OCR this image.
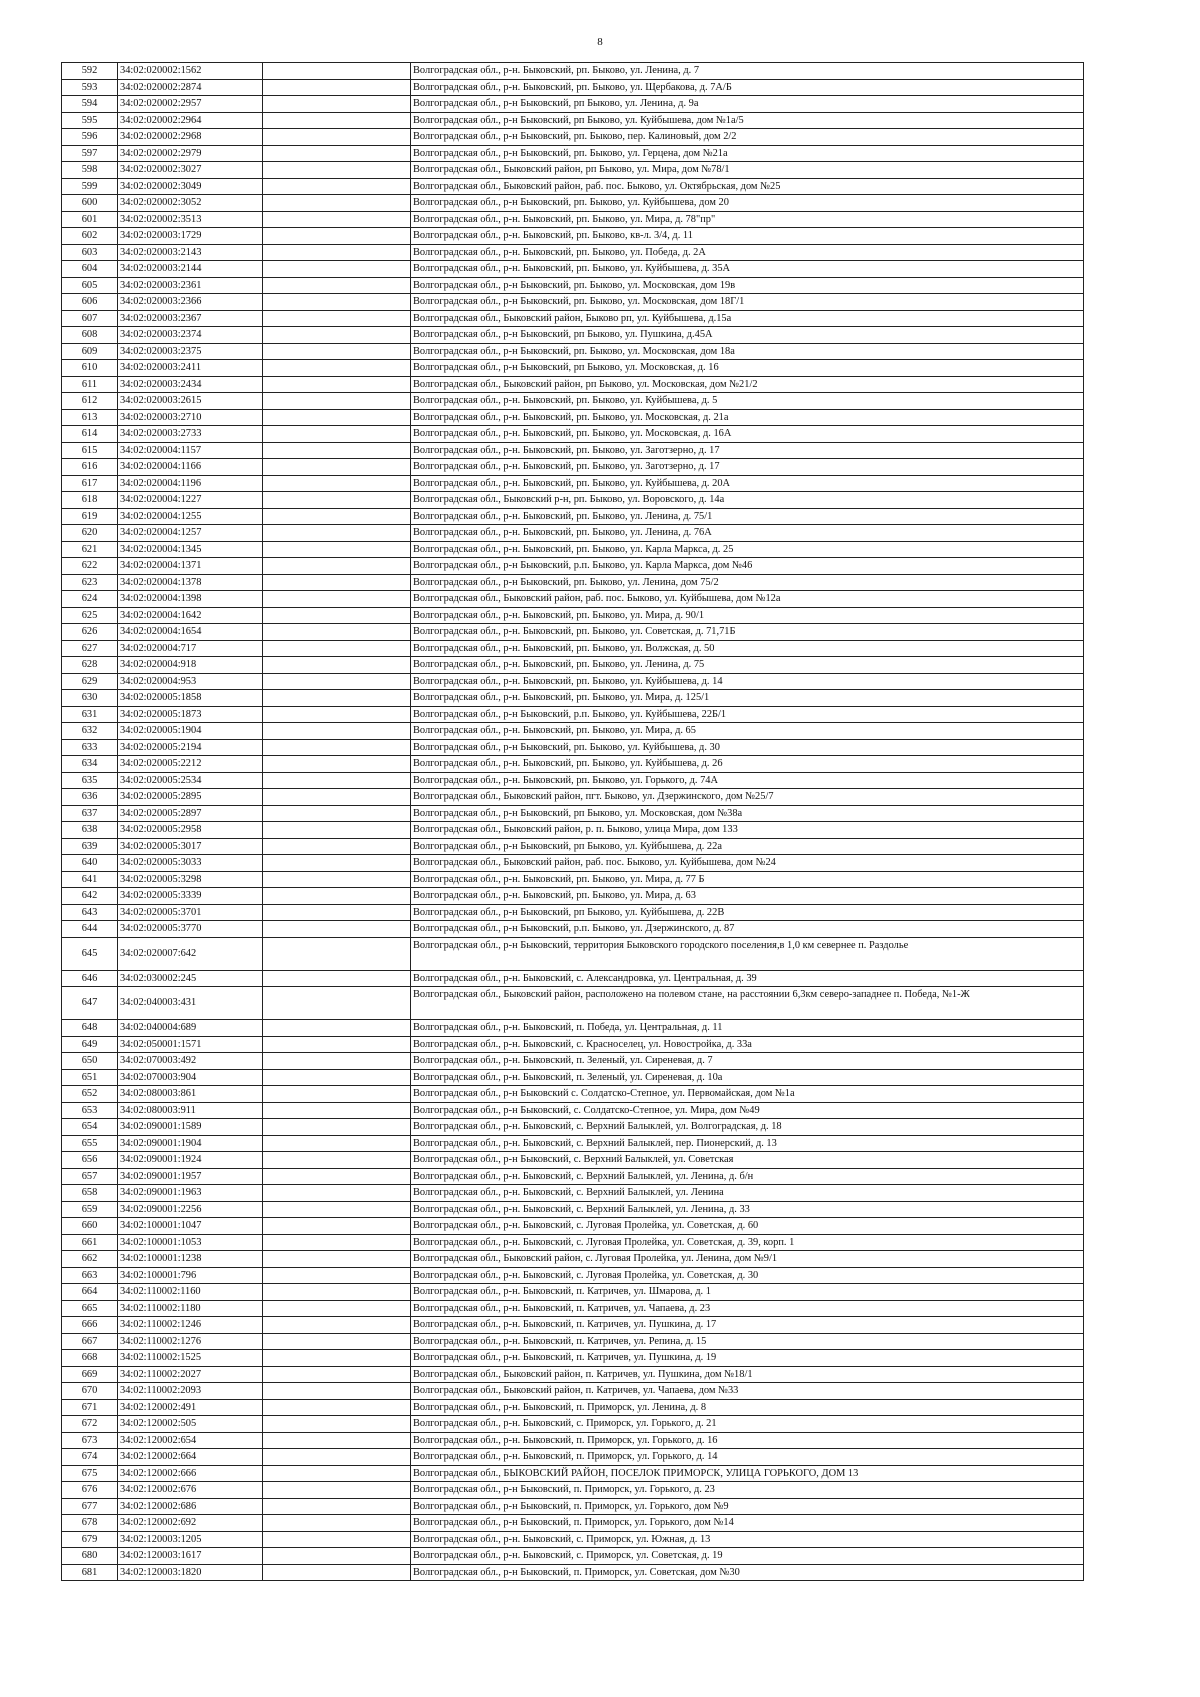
8
592	34:02:020002:1562		Волгоградская обл., р-н. Быковский, рп. Быково, ул. Ленина, д. 7
593	34:02:020002:2874		Волгоградская обл., р-н. Быковский, рп. Быково, ул. Щербакова, д. 7А/Б
594	34:02:020002:2957		Волгоградская обл., р-н Быковский, рп Быково, ул. Ленина, д. 9а
595	34:02:020002:2964		Волгоградская обл., р-н Быковский, рп Быково, ул. Куйбышева, дом №1а/5
596	34:02:020002:2968		Волгоградская обл., р-н Быковский, рп. Быково, пер. Калиновый, дом 2/2
597	34:02:020002:2979		Волгоградская обл., р-н Быковский, рп. Быково, ул. Герцена, дом №21а
598	34:02:020002:3027		Волгоградская обл., Быковский район, рп Быково, ул. Мира, дом №78/1
599	34:02:020002:3049		Волгоградская обл., Быковский район, раб. пос. Быково, ул. Октябрьская, дом №25
600	34:02:020002:3052		Волгоградская обл., р-н Быковский, рп. Быково, ул. Куйбышева, дом 20
601	34:02:020002:3513		Волгоградская обл., р-н. Быковский, рп. Быково, ул. Мира, д. 78"пр"
602	34:02:020003:1729		Волгоградская обл., р-н. Быковский, рп. Быково, кв-л. 3/4, д. 11
603	34:02:020003:2143		Волгоградская обл., р-н. Быковский, рп. Быково, ул. Победа, д. 2А
604	34:02:020003:2144		Волгоградская обл., р-н. Быковский, рп. Быково, ул. Куйбышева, д. 35А
605	34:02:020003:2361		Волгоградская обл., р-н Быковский, рп. Быково, ул. Московская, дом 19в
606	34:02:020003:2366		Волгоградская обл., р-н Быковский, рп. Быково, ул. Московская, дом 18Г/1
607	34:02:020003:2367		Волгоградская обл., Быковский район, Быково рп, ул. Куйбышева, д.15а
608	34:02:020003:2374		Волгоградская обл., р-н Быковский, рп Быково, ул. Пушкина, д.45А
609	34:02:020003:2375		Волгоградская обл., р-н Быковский, рп. Быково, ул. Московская, дом 18а
610	34:02:020003:2411		Волгоградская обл., р-н Быковский, рп Быково, ул. Московская, д. 16
611	34:02:020003:2434		Волгоградская обл., Быковский район, рп Быково, ул. Московская, дом №21/2
612	34:02:020003:2615		Волгоградская обл., р-н. Быковский, рп. Быково, ул. Куйбышева, д. 5
613	34:02:020003:2710		Волгоградская обл., р-н. Быковский, рп. Быково, ул. Московская, д. 21а
614	34:02:020003:2733		Волгоградская обл., р-н. Быковский, рп. Быково, ул. Московская, д. 16А
615	34:02:020004:1157		Волгоградская обл., р-н. Быковский, рп. Быково, ул. Заготзерно, д. 17
616	34:02:020004:1166		Волгоградская обл., р-н. Быковский, рп. Быково, ул. Заготзерно, д. 17
617	34:02:020004:1196		Волгоградская обл., р-н. Быковский, рп. Быково, ул. Куйбышева, д. 20А
618	34:02:020004:1227		Волгоградская обл., Быковский р-н, рп. Быково, ул. Воровского, д. 14а
619	34:02:020004:1255		Волгоградская обл., р-н. Быковский, рп. Быково, ул. Ленина, д. 75/1
620	34:02:020004:1257		Волгоградская обл., р-н. Быковский, рп. Быково, ул. Ленина, д. 76А
621	34:02:020004:1345		Волгоградская обл., р-н. Быковский, рп. Быково, ул. Карла Маркса, д. 25
622	34:02:020004:1371		Волгоградская обл., р-н Быковский, р.п. Быково, ул. Карла Маркса, дом №46
623	34:02:020004:1378		Волгоградская обл., р-н Быковский, рп. Быково, ул. Ленина, дом 75/2
624	34:02:020004:1398		Волгоградская обл., Быковский район, раб. пос. Быково, ул. Куйбышева, дом №12а
625	34:02:020004:1642		Волгоградская обл., р-н. Быковский, рп. Быково, ул. Мира, д. 90/1
626	34:02:020004:1654		Волгоградская обл., р-н. Быковский, рп. Быково, ул. Советская, д. 71,71Б
627	34:02:020004:717		Волгоградская обл., р-н. Быковский, рп. Быково, ул. Волжская, д. 50
628	34:02:020004:918		Волгоградская обл., р-н. Быковский, рп. Быково, ул. Ленина, д. 75
629	34:02:020004:953		Волгоградская обл., р-н. Быковский, рп. Быково, ул. Куйбышева, д. 14
630	34:02:020005:1858		Волгоградская обл., р-н. Быковский, рп. Быково, ул. Мира, д. 125/1
631	34:02:020005:1873		Волгоградская обл., р-н Быковский, р.п. Быково, ул. Куйбышева, 22Б/1
632	34:02:020005:1904		Волгоградская обл., р-н. Быковский, рп. Быково, ул. Мира, д. 65
633	34:02:020005:2194		Волгоградская обл., р-н Быковский, рп. Быково, ул. Куйбышева, д. 30
634	34:02:020005:2212		Волгоградская обл., р-н. Быковский, рп. Быково, ул. Куйбышева, д. 26
635	34:02:020005:2534		Волгоградская обл., р-н. Быковский, рп. Быково, ул. Горького, д. 74А
636	34:02:020005:2895		Волгоградская обл., Быковский район, пгт. Быково, ул. Дзержинского, дом №25/7
637	34:02:020005:2897		Волгоградская обл., р-н Быковский, рп Быково, ул. Московская, дом №38а
638	34:02:020005:2958		Волгоградская обл., Быковский район, р. п. Быково, улица Мира, дом 133
639	34:02:020005:3017		Волгоградская обл., р-н Быковский, рп Быково, ул. Куйбышева, д. 22а
640	34:02:020005:3033		Волгоградская обл., Быковский район, раб. пос. Быково, ул. Куйбышева, дом №24
641	34:02:020005:3298		Волгоградская обл., р-н. Быковский, рп. Быково, ул. Мира, д. 77 Б
642	34:02:020005:3339		Волгоградская обл., р-н. Быковский, рп. Быково, ул. Мира, д. 63
643	34:02:020005:3701		Волгоградская обл., р-н Быковский, рп Быково, ул. Куйбышева, д. 22В
644	34:02:020005:3770		Волгоградская обл., р-н Быковский, р.п. Быково, ул. Дзержинского, д. 87
645	34:02:020007:642		Волгоградская обл., р-н Быковский, территория Быковского городского поселения,в 1,0 км севернее п. Раздолье
646	34:02:030002:245		Волгоградская обл., р-н. Быковский, с. Александровка, ул. Центральная, д. 39
647	34:02:040003:431		Волгоградская обл., Быковский район, расположено на полевом стане, на расстоянии 6,3км северо-западнее п. Победа, №1-Ж
648	34:02:040004:689		Волгоградская обл., р-н. Быковский, п. Победа, ул. Центральная, д. 11
649	34:02:050001:1571		Волгоградская обл., р-н. Быковский, с. Красноселец, ул. Новостройка, д. 33а
650	34:02:070003:492		Волгоградская обл., р-н. Быковский, п. Зеленый, ул. Сиреневая, д. 7
651	34:02:070003:904		Волгоградская обл., р-н. Быковский, п. Зеленый, ул. Сиреневая, д. 10а
652	34:02:080003:861		Волгоградская обл., р-н Быковский с. Солдатско-Степное, ул. Первомайская, дом №1а
653	34:02:080003:911		Волгоградская обл., р-н Быковский, с. Солдатско-Степное, ул. Мира, дом №49
654	34:02:090001:1589		Волгоградская обл., р-н. Быковский, с. Верхний Балыклей, ул. Волгоградская, д. 18
655	34:02:090001:1904		Волгоградская обл., р-н. Быковский, с. Верхний Балыклей, пер. Пионерский, д. 13
656	34:02:090001:1924		Волгоградская обл., р-н Быковский, с. Верхний Балыклей, ул. Советская
657	34:02:090001:1957		Волгоградская обл., р-н. Быковский, с. Верхний Балыклей, ул. Ленина, д. б/н
658	34:02:090001:1963		Волгоградская обл., р-н. Быковский, с. Верхний Балыклей, ул. Ленина
659	34:02:090001:2256		Волгоградская обл., р-н. Быковский, с. Верхний Балыклей, ул. Ленина, д. 33
660	34:02:100001:1047		Волгоградская обл., р-н. Быковский, с. Луговая Пролейка, ул. Советская, д. 60
661	34:02:100001:1053		Волгоградская обл., р-н. Быковский, с. Луговая Пролейка, ул. Советская, д. 39, корп. 1
662	34:02:100001:1238		Волгоградская обл., Быковский район, с. Луговая Пролейка, ул. Ленина, дом №9/1
663	34:02:100001:796		Волгоградская обл., р-н. Быковский, с. Луговая Пролейка, ул. Советская, д. 30
664	34:02:110002:1160		Волгоградская обл., р-н. Быковский, п. Катричев, ул. Шмарова, д. 1
665	34:02:110002:1180		Волгоградская обл., р-н. Быковский, п. Катричев, ул. Чапаева, д. 23
666	34:02:110002:1246		Волгоградская обл., р-н. Быковский, п. Катричев, ул. Пушкина, д. 17
667	34:02:110002:1276		Волгоградская обл., р-н. Быковский, п. Катричев, ул. Репина, д. 15
668	34:02:110002:1525		Волгоградская обл., р-н. Быковский, п. Катричев, ул. Пушкина, д. 19
669	34:02:110002:2027		Волгоградская обл., Быковский район, п. Катричев, ул. Пушкина, дом №18/1
670	34:02:110002:2093		Волгоградская обл., Быковский район, п. Катричев, ул. Чапаева, дом №33
671	34:02:120002:491		Волгоградская обл., р-н. Быковский, п. Приморск, ул. Ленина, д. 8
672	34:02:120002:505		Волгоградская обл., р-н. Быковский, с. Приморск, ул. Горького, д. 21
673	34:02:120002:654		Волгоградская обл., р-н. Быковский, п. Приморск, ул. Горького, д. 16
674	34:02:120002:664		Волгоградская обл., р-н. Быковский, п. Приморск, ул. Горького, д. 14
675	34:02:120002:666		Волгоградская обл., БЫКОВСКИЙ РАЙОН, ПОСЕЛОК ПРИМОРСК, УЛИЦА ГОРЬКОГО, ДОМ 13
676	34:02:120002:676		Волгоградская обл., р-н Быковский, п. Приморск, ул. Горького, д. 23
677	34:02:120002:686		Волгоградская обл., р-н Быковский, п. Приморск, ул. Горького, дом №9
678	34:02:120002:692		Волгоградская обл., р-н Быковский, п. Приморск, ул. Горького, дом №14
679	34:02:120003:1205		Волгоградская обл., р-н. Быковский, с. Приморск, ул. Южная, д. 13
680	34:02:120003:1617		Волгоградская обл., р-н. Быковский, с. Приморск, ул. Советская, д. 19
681	34:02:120003:1820		Волгоградская обл., р-н Быковский, п. Приморск, ул. Советская, дом №30
